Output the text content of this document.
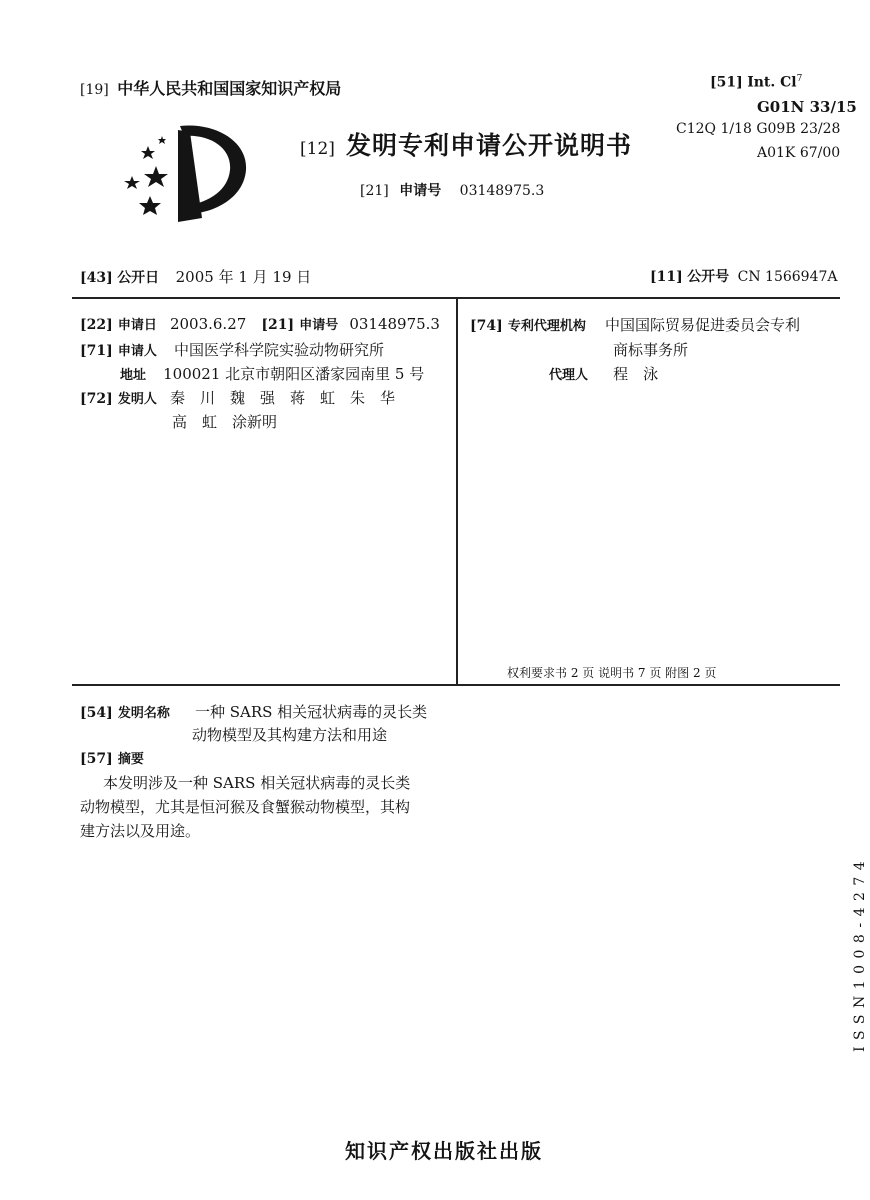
[19] 中华人民共和国国家知识产权局	[51] Int. Cl$^7$
G01N 33/15
C12Q 1/18 G09B 23/28
A01K 67/00
[12] 发明专利申请公开说明书
[21] 申请号 03148975.3
[43] 公开日 2005 年 1 月 19 日	[11] 公开号 CN 1566947A
[22] 申请日 2003.6.27 [21] 申请号 03148975.3
[71] 申请人 中国医学科学院实验动物研究所
地址 100021 北京市朝阳区潘家园南里 5 号
[72] 发明人 秦　川　魏　强　蒋　虹　朱　华
高　虹　涂新明
[74] 专利代理机构 中国国际贸易促进委员会专利
商标事务所
代理人 程　泳
权利要求书 2 页 说明书 7 页 附图 2 页
[54] 发明名称 一种 SARS 相关冠状病毒的灵长类
动物模型及其构建方法和用途
[57] 摘要
本发明涉及一种 SARS 相关冠状病毒的灵长类
动物模型，尤其是恒河猴及食蟹猴动物模型，其构
建方法以及用途。
ISSN1008-4274
知识产权出版社出版
